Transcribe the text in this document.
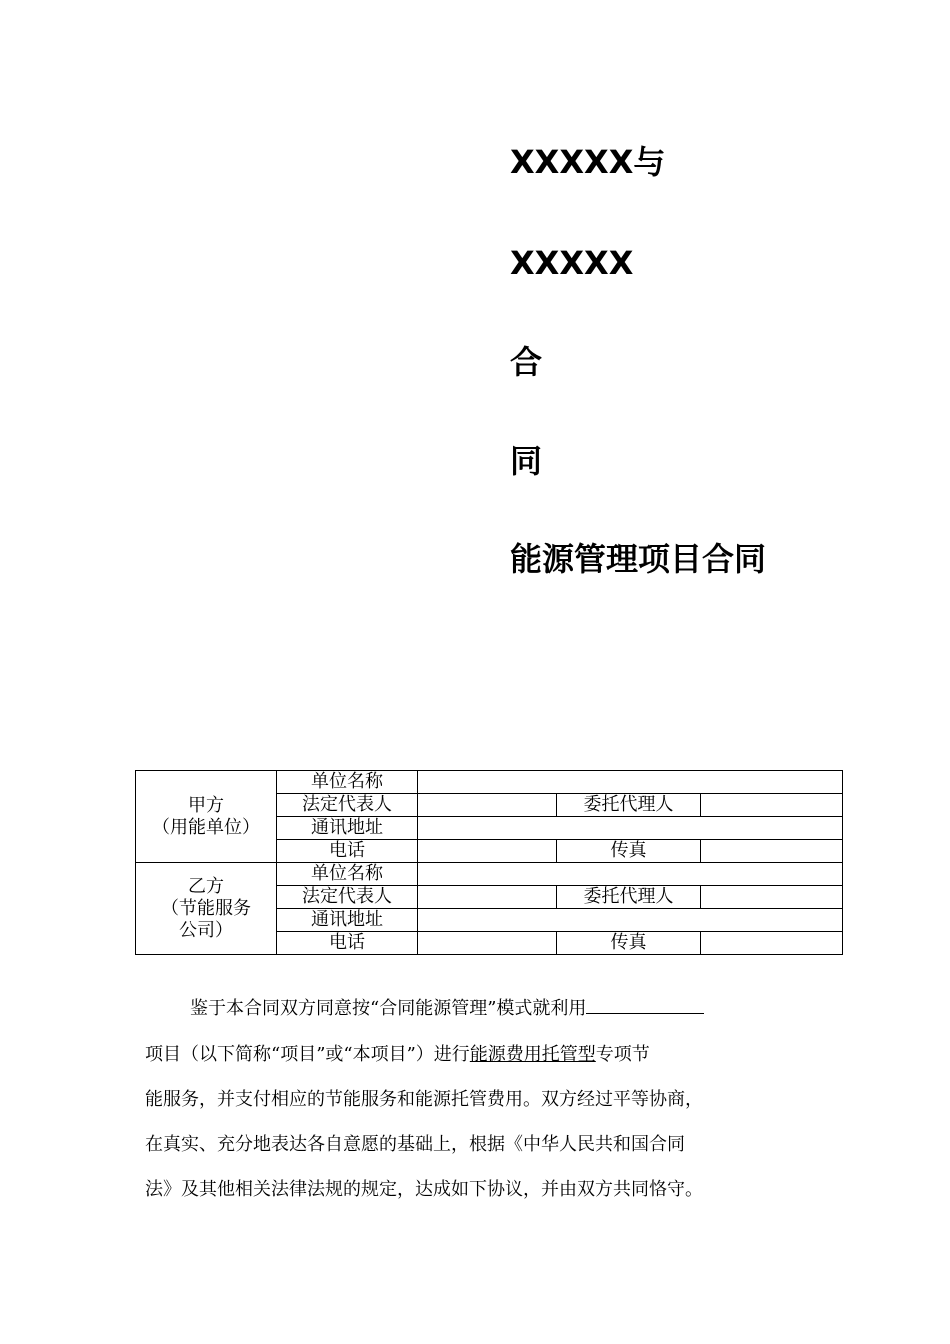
XXXXX与
XXXXX
合
同
能源管理项目合同
甲方
（用能单位）	单位名称			
	法定代表人		委托代理人	
	通讯地址			
	电话		传真	

乙方
（节能服务
公司）	单位名称			
	法定代表人		委托代理人	
	通讯地址			
	电话		传真	

鉴于本合同双方同意按“合同能源管理”模式就利用

项目（以下简称“项目”或“本项目”）进行能源费用托管型专项节

能服务，并支付相应的节能服务和能源托管费用。双方经过平等协商，

在真实、充分地表达各自意愿的基础上，根据《中华人民共和国合同

法》及其他相关法律法规的规定，达成如下协议，并由双方共同恪守。
